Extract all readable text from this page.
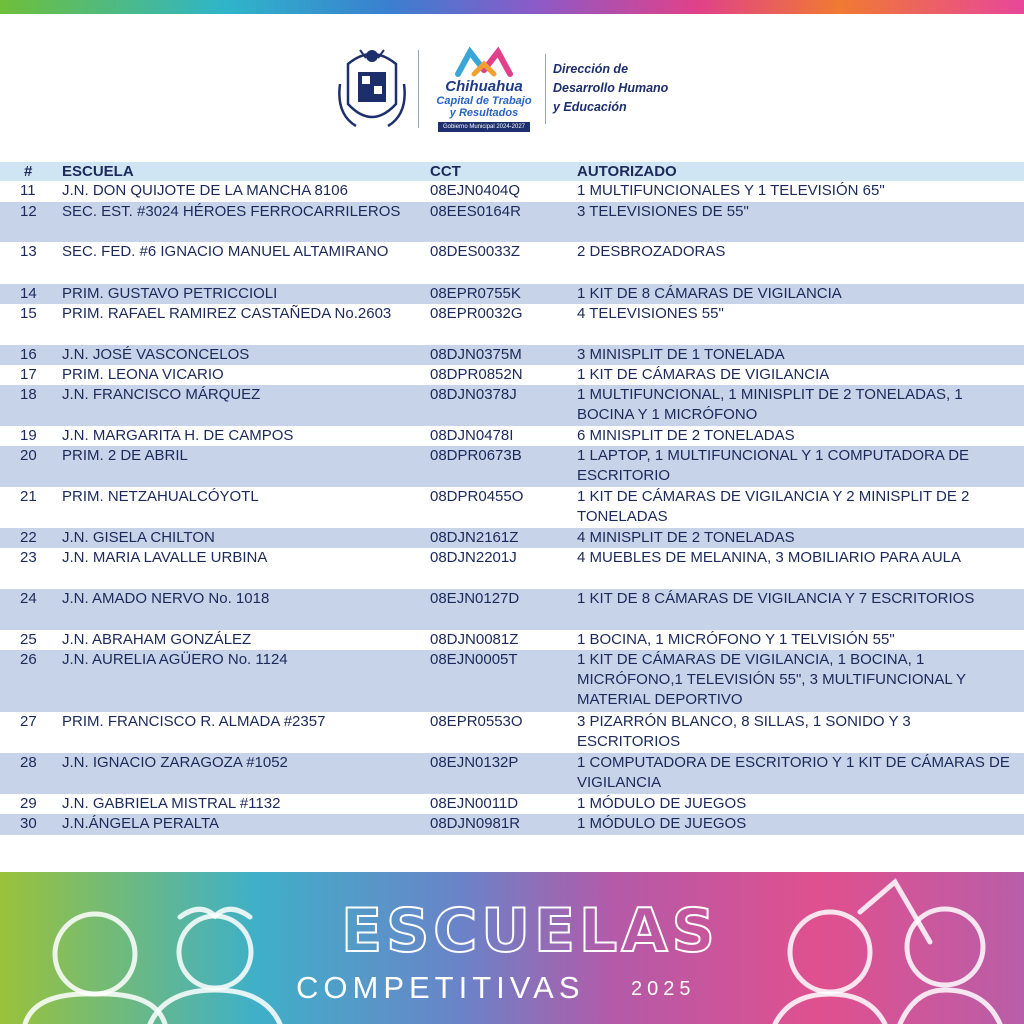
Chihuahua
Capital de Trabajo
y Resultados
Gobierno Municipal 2024-2027
Dirección de
Desarrollo Humano
y Educación
# ESCUELA	CCT	AUTORIZADO
11	J.N. DON QUIJOTE DE LA MANCHA 8106	08EJN0404Q	1 MULTIFUNCIONALES Y 1 TELEVISIÓN 65"
12	SEC. EST. #3024 HÉROES FERROCARRILEROS	08EES0164R	3 TELEVISIONES DE 55"
13	SEC. FED. #6 IGNACIO MANUEL ALTAMIRANO	08DES0033Z	2 DESBROZADORAS
14	PRIM. GUSTAVO PETRICCIOLI	08EPR0755K	1 KIT DE 8 CÁMARAS DE VIGILANCIA
15	PRIM. RAFAEL RAMIREZ CASTAÑEDA No.2603	08EPR0032G	4 TELEVISIONES 55"
16	J.N. JOSÉ VASCONCELOS	08DJN0375M	3 MINISPLIT DE 1 TONELADA
17	PRIM. LEONA VICARIO	08DPR0852N	1 KIT DE CÁMARAS DE VIGILANCIA
18	J.N. FRANCISCO MÁRQUEZ	08DJN0378J	1 MULTIFUNCIONAL, 1 MINISPLIT DE 2 TONELADAS, 1 BOCINA Y 1 MICRÓFONO
19	J.N. MARGARITA H. DE CAMPOS	08DJN0478I	6 MINISPLIT DE 2 TONELADAS
20	PRIM. 2 DE ABRIL	08DPR0673B	1 LAPTOP, 1 MULTIFUNCIONAL Y 1 COMPUTADORA DE ESCRITORIO
21	PRIM. NETZAHUALCÓYOTL	08DPR0455O	1 KIT DE CÁMARAS DE VIGILANCIA Y 2 MINISPLIT DE 2 TONELADAS
22	J.N. GISELA CHILTON	08DJN2161Z	4 MINISPLIT DE 2 TONELADAS
23	J.N. MARIA LAVALLE URBINA	08DJN2201J	4 MUEBLES DE MELANINA, 3 MOBILIARIO PARA AULA
24	J.N. AMADO NERVO No. 1018	08EJN0127D	1 KIT DE 8 CÁMARAS DE VIGILANCIA Y 7 ESCRITORIOS
25	J.N. ABRAHAM GONZÁLEZ	08DJN0081Z	1 BOCINA, 1 MICRÓFONO Y 1 TELVISIÓN 55"
26	J.N. AURELIA AGÜERO No. 1124	08EJN0005T	1 KIT DE CÁMARAS DE VIGILANCIA, 1 BOCINA, 1 MICRÓFONO,1 TELEVISIÓN 55", 3 MULTIFUNCIONAL Y MATERIAL DEPORTIVO
27	PRIM. FRANCISCO R. ALMADA #2357	08EPR0553O	3 PIZARRÓN BLANCO, 8 SILLAS, 1 SONIDO Y 3 ESCRITORIOS
28	J.N. IGNACIO ZARAGOZA #1052	08EJN0132P	1 COMPUTADORA DE ESCRITORIO Y 1 KIT DE CÁMARAS DE VIGILANCIA
29	J.N. GABRIELA MISTRAL #1132	08EJN0011D	1 MÓDULO DE JUEGOS
30	J.N.ÁNGELA PERALTA	08DJN0981R	1 MÓDULO DE JUEGOS
ESCUELAS
COMPETITIVAS	2025
